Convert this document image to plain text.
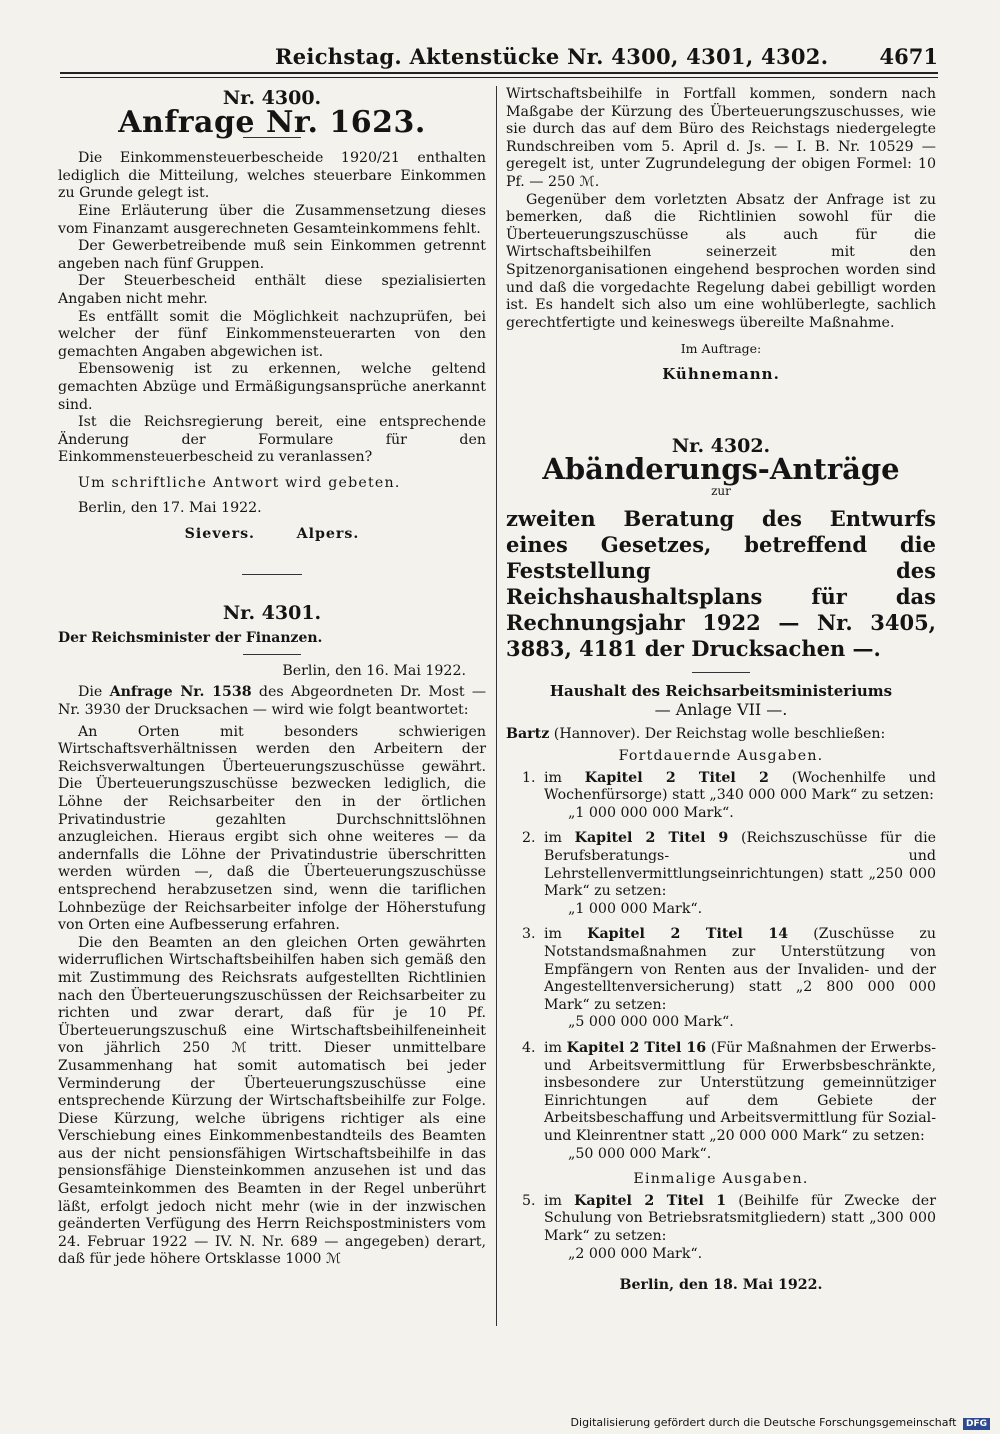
Reichstag. Aktenstücke Nr. 4300, 4301, 4302. 4671
Nr. 4300.
Anfrage Nr. 1623.

Die Einkommensteuerbescheide 1920/21 enthalten lediglich die Mitteilung, welches steuerbare Einkommen zu Grunde gelegt ist.

Eine Erläuterung über die Zusammensetzung dieses vom Finanzamt ausgerechneten Gesamteinkommens fehlt.

Der Gewerbetreibende muß sein Einkommen getrennt angeben nach fünf Gruppen.

Der Steuerbescheid enthält diese spezialisierten Angaben nicht mehr.

Es entfällt somit die Möglichkeit nachzuprüfen, bei welcher der fünf Einkommensteuerarten von den gemachten Angaben abgewichen ist.

Ebensowenig ist zu erkennen, welche geltend gemachten Abzüge und Ermäßigungsansprüche anerkannt sind.

Ist die Reichsregierung bereit, eine entsprechende Änderung der Formulare für den Einkommensteuerbescheid zu veranlassen?

Um schriftliche Antwort wird gebeten.

Berlin, den 17. Mai 1922.

Sievers.	Alpers.

Nr. 4301.

Der Reichsminister der Finanzen.

Berlin, den 16. Mai 1922.

Die Anfrage Nr. 1538 des Abgeordneten Dr. Most — Nr. 3930 der Drucksachen — wird wie folgt beantwortet:

An Orten mit besonders schwierigen Wirtschaftsverhältnissen werden den Arbeitern der Reichsverwaltungen Überteuerungszuschüsse gewährt. Die Überteuerungszuschüsse bezwecken lediglich, die Löhne der Reichsarbeiter den in der örtlichen Privatindustrie gezahlten Durchschnittslöhnen anzugleichen. Hieraus ergibt sich ohne weiteres — da andernfalls die Löhne der Privatindustrie überschritten werden würden —, daß die Überteuerungszuschüsse entsprechend herabzusetzen sind, wenn die tariflichen Lohnbezüge der Reichsarbeiter infolge der Höherstufung von Orten eine Aufbesserung erfahren.

Die den Beamten an den gleichen Orten gewährten widerruflichen Wirtschaftsbeihilfen haben sich gemäß den mit Zustimmung des Reichsrats aufgestellten Richtlinien nach den Überteuerungszuschüssen der Reichsarbeiter zu richten und zwar derart, daß für je 10 Pf. Überteuerungszuschuß eine Wirtschaftsbeihilfeneinheit von jährlich 250 ℳ tritt. Dieser unmittelbare Zusammenhang hat somit automatisch bei jeder Verminderung der Überteuerungszuschüsse eine entsprechende Kürzung der Wirtschaftsbeihilfe zur Folge. Diese Kürzung, welche übrigens richtiger als eine Verschiebung eines Einkommenbestandteils des Beamten aus der nicht pensionsfähigen Wirtschaftsbeihilfe in das pensionsfähige Diensteinkommen anzusehen ist und das Gesamteinkommen des Beamten in der Regel unberührt läßt, erfolgt jedoch nicht mehr (wie in der inzwischen geänderten Verfügung des Herrn Reichspostministers vom 24. Februar 1922 — IV. N. Nr. 689 — angegeben) derart, daß für jede höhere Ortsklasse 1000 ℳ

Wirtschaftsbeihilfe in Fortfall kommen, sondern nach Maßgabe der Kürzung des Überteuerungszuschusses, wie sie durch das auf dem Büro des Reichstags niedergelegte Rundschreiben vom 5. April d. Js. — I. B. Nr. 10529 — geregelt ist, unter Zugrundelegung der obigen Formel: 10 Pf. — 250 ℳ.

Gegenüber dem vorletzten Absatz der Anfrage ist zu bemerken, daß die Richtlinien sowohl für die Überteuerungszuschüsse als auch für die Wirtschaftsbeihilfen seinerzeit mit den Spitzenorganisationen eingehend besprochen worden sind und daß die vorgedachte Regelung dabei gebilligt worden ist. Es handelt sich also um eine wohlüberlegte, sachlich gerechtfertigte und keineswegs übereilte Maßnahme.

Im Auftrage:

Kühnemann.

Nr. 4302.
Abänderungs-Anträge
zur
zweiten Beratung des Entwurfs eines Gesetzes, betreffend die Feststellung des Reichshaushaltsplans für das Rechnungsjahr 1922 — Nr. 3405, 3883, 4181 der Drucksachen —.

Haushalt des Reichsarbeitsministeriums

— Anlage VII —.

Bartz (Hannover). Der Reichstag wolle beschließen:

Fortdauernde Ausgaben.

1. im Kapitel 2 Titel 2 (Wochenhilfe und Wochenfürsorge) statt „340 000 000 Mark“ zu setzen:

„1 000 000 000 Mark“.

2. im Kapitel 2 Titel 9 (Reichszuschüsse für die Berufsberatungs- und Lehrstellenvermittlungseinrichtungen) statt „250 000 Mark“ zu setzen:

„1 000 000 Mark“.

3. im Kapitel 2 Titel 14 (Zuschüsse zu Notstandsmaßnahmen zur Unterstützung von Empfängern von Renten aus der Invaliden- und der Angestelltenversicherung) statt „2 800 000 000 Mark“ zu setzen:

„5 000 000 000 Mark“.

4. im Kapitel 2 Titel 16 (Für Maßnahmen der Erwerbs- und Arbeitsvermittlung für Erwerbsbeschränkte, insbesondere zur Unterstützung gemeinnütziger Einrichtungen auf dem Gebiete der Arbeitsbeschaffung und Arbeitsvermittlung für Sozial- und Kleinrentner statt „20 000 000 Mark“ zu setzen:

„50 000 000 Mark“.

Einmalige Ausgaben.

5. im Kapitel 2 Titel 1 (Beihilfe für Zwecke der Schulung von Betriebsratsmitgliedern) statt „300 000 Mark“ zu setzen:

„2 000 000 Mark“.

Berlin, den 18. Mai 1922.

Digitalisierung gefördert durch die Deutsche Forschungsgemeinschaft DFG
